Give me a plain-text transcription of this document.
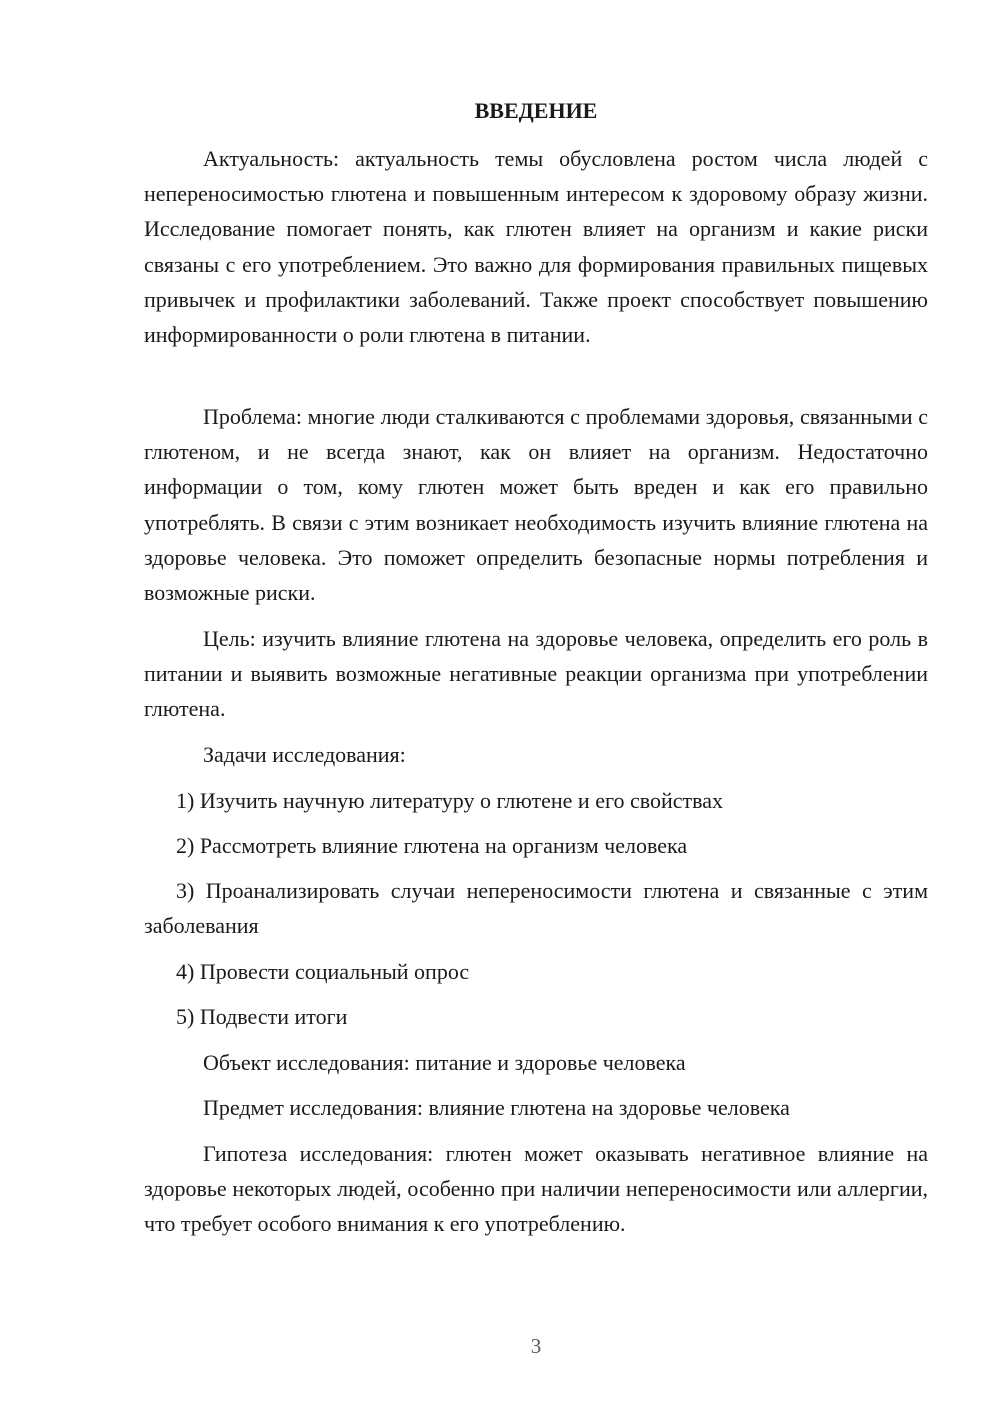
ВВЕДЕНИЕ

Актуальность: актуальность темы обусловлена ростом числа людей с непереносимостью глютена и повышенным интересом к здоровому образу жизни. Исследование помогает понять, как глютен влияет на организм и какие риски связаны с его употреблением. Это важно для формирования правильных пищевых привычек и профилактики заболеваний. Также проект способствует повышению информированности о роли глютена в питании.

Проблема: многие люди сталкиваются с проблемами здоровья, связанными с глютеном, и не всегда знают, как он влияет на организм. Недостаточно информации о том, кому глютен может быть вреден и как его правильно употреблять. В связи с этим возникает необходимость изучить влияние глютена на здоровье человека. Это поможет определить безопасные нормы потребления и возможные риски.

Цель: изучить влияние глютена на здоровье человека, определить его роль в питании и выявить возможные негативные реакции организма при употреблении глютена.

Задачи исследования:

1) Изучить научную литературу о глютене и его свойствах

2) Рассмотреть влияние глютена на организм человека

3) Проанализировать случаи непереносимости глютена и связанные с этим заболевания

4) Провести социальный опрос

5) Подвести итоги

Объект исследования: питание и здоровье человека

Предмет исследования: влияние глютена на здоровье человека

Гипотеза исследования: глютен может оказывать негативное влияние на здоровье некоторых людей, особенно при наличии непереносимости или аллергии, что требует особого внимания к его употреблению.

3
